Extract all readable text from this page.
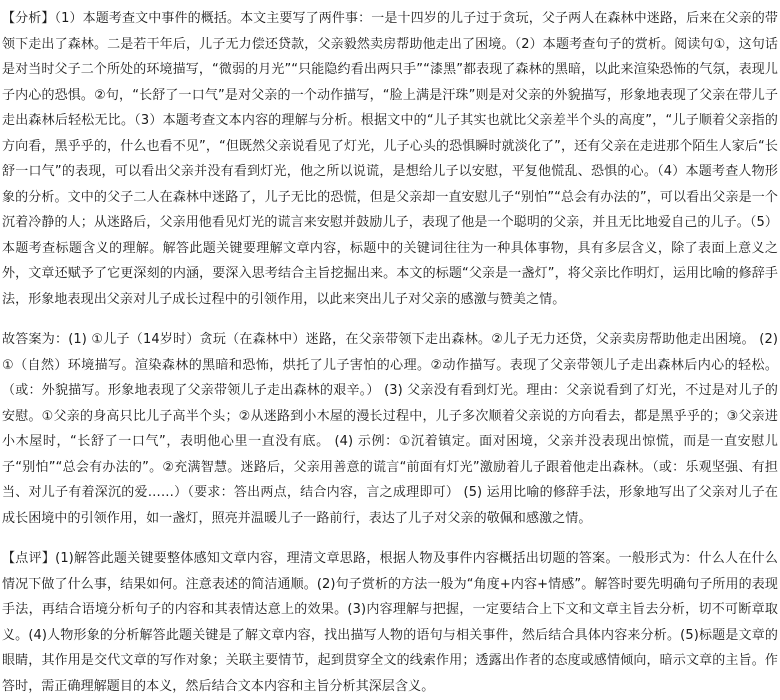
【分析】（1）本题考查文中事件的概括。本文主要写了两件事：一是十四岁的儿子过于贪玩，父子两人在森林中迷路，后来在父亲的带领下走出了森林。二是若干年后，儿子无力偿还贷款，父亲毅然卖房帮助他走出了困境。（2）本题考查句子的赏析。阅读句①，这句话是对当时父子二个所处的环境描写，“微弱的月光”“只能隐约看出两只手”“漆黑”都表现了森林的黑暗，以此来渲染恐怖的气氛，表现儿子内心的恐惧。②句，“长舒了一口气”是对父亲的一个动作描写，“脸上满是汗珠”则是对父亲的外貌描写，形象地表现了父亲在带儿子走出森林后轻松无比。（3）本题考查文本内容的理解与分析。根据文中的“儿子其实也就比父亲差半个头的高度”，“儿子顺着父亲指的方向看，黑乎乎的，什么也看不见”，“但既然父亲说看见了灯光，儿子心头的恐惧瞬时就淡化了”，还有父亲在走进那个陌生人家后“长舒一口气”的表现，可以看出父亲并没有看到灯光，他之所以说谎，是想给儿子以安慰，平复他慌乱、恐惧的心。（4）本题考查人物形象的分析。文中的父子二人在森林中迷路了，儿子无比的恐慌，但是父亲却一直安慰儿子“别怕”“总会有办法的”，可以看出父亲是一个沉着冷静的人；从迷路后，父亲用他看见灯光的谎言来安慰并鼓励儿子，表现了他是一个聪明的父亲，并且无比地爱自己的儿子。（5）本题考查标题含义的理解。解答此题关键要理解文章内容，标题中的关键词往往为一种具体事物，具有多层含义，除了表面上意义之外，文章还赋予了它更深刻的内涵，要深入思考结合主旨挖掘出来。本文的标题“父亲是一盏灯”，将父亲比作明灯，运用比喻的修辞手法，形象地表现出父亲对儿子成长过程中的引领作用，以此来突出儿子对父亲的感激与赞美之情。

故答案为：(1) ①儿子（14岁时）贪玩（在森林中）迷路，在父亲带领下走出森林。②儿子无力还贷，父亲卖房帮助他走出困境。 (2) ①（自然）环境描写。渲染森林的黑暗和恐怖，烘托了儿子害怕的心理。②动作描写。表现了父亲带领儿子走出森林后内心的轻松。（或：外貌描写。形象地表现了父亲带领儿子走出森林的艰辛。） (3) 父亲没有看到灯光。理由：父亲说看到了灯光，不过是对儿子的安慰。①父亲的身高只比儿子高半个头；②从迷路到小木屋的漫长过程中，儿子多次顺着父亲说的方向看去，都是黑乎乎的；③父亲进小木屋时，“长舒了一口气”，表明他心里一直没有底。 (4) 示例：①沉着镇定。面对困境，父亲并没表现出惊慌，而是一直安慰儿子“别怕”“总会有办法的”。②充满智慧。迷路后，父亲用善意的谎言“前面有灯光”激励着儿子跟着他走出森林。（或：乐观坚强、有担当、对儿子有着深沉的爱……）（要求：答出两点，结合内容，言之成理即可） (5) 运用比喻的修辞手法，形象地写出了父亲对儿子在成长困境中的引领作用，如一盏灯，照亮并温暖儿子一路前行，表达了儿子对父亲的敬佩和感激之情。

【点评】(1)解答此题关键要整体感知文章内容，理清文章思路，根据人物及事件内容概括出切题的答案。一般形式为：什么人在什么情况下做了什么事，结果如何。注意表述的简洁通顺。(2)句子赏析的方法一般为“角度+内容+情感”。解答时要先明确句子所用的表现手法，再结合语境分析句子的内容和其表情达意上的效果。(3)内容理解与把握，一定要结合上下文和文章主旨去分析，切不可断章取义。(4)人物形象的分析解答此题关键是了解文章内容，找出描写人物的语句与相关事件，然后结合具体内容来分析。(5)标题是文章的眼睛，其作用是交代文章的写作对象；关联主要情节，起到贯穿全文的线索作用；透露出作者的态度或感情倾向，暗示文章的主旨。作答时，需正确理解题目的本义，然后结合文本内容和主旨分析其深层含义。
